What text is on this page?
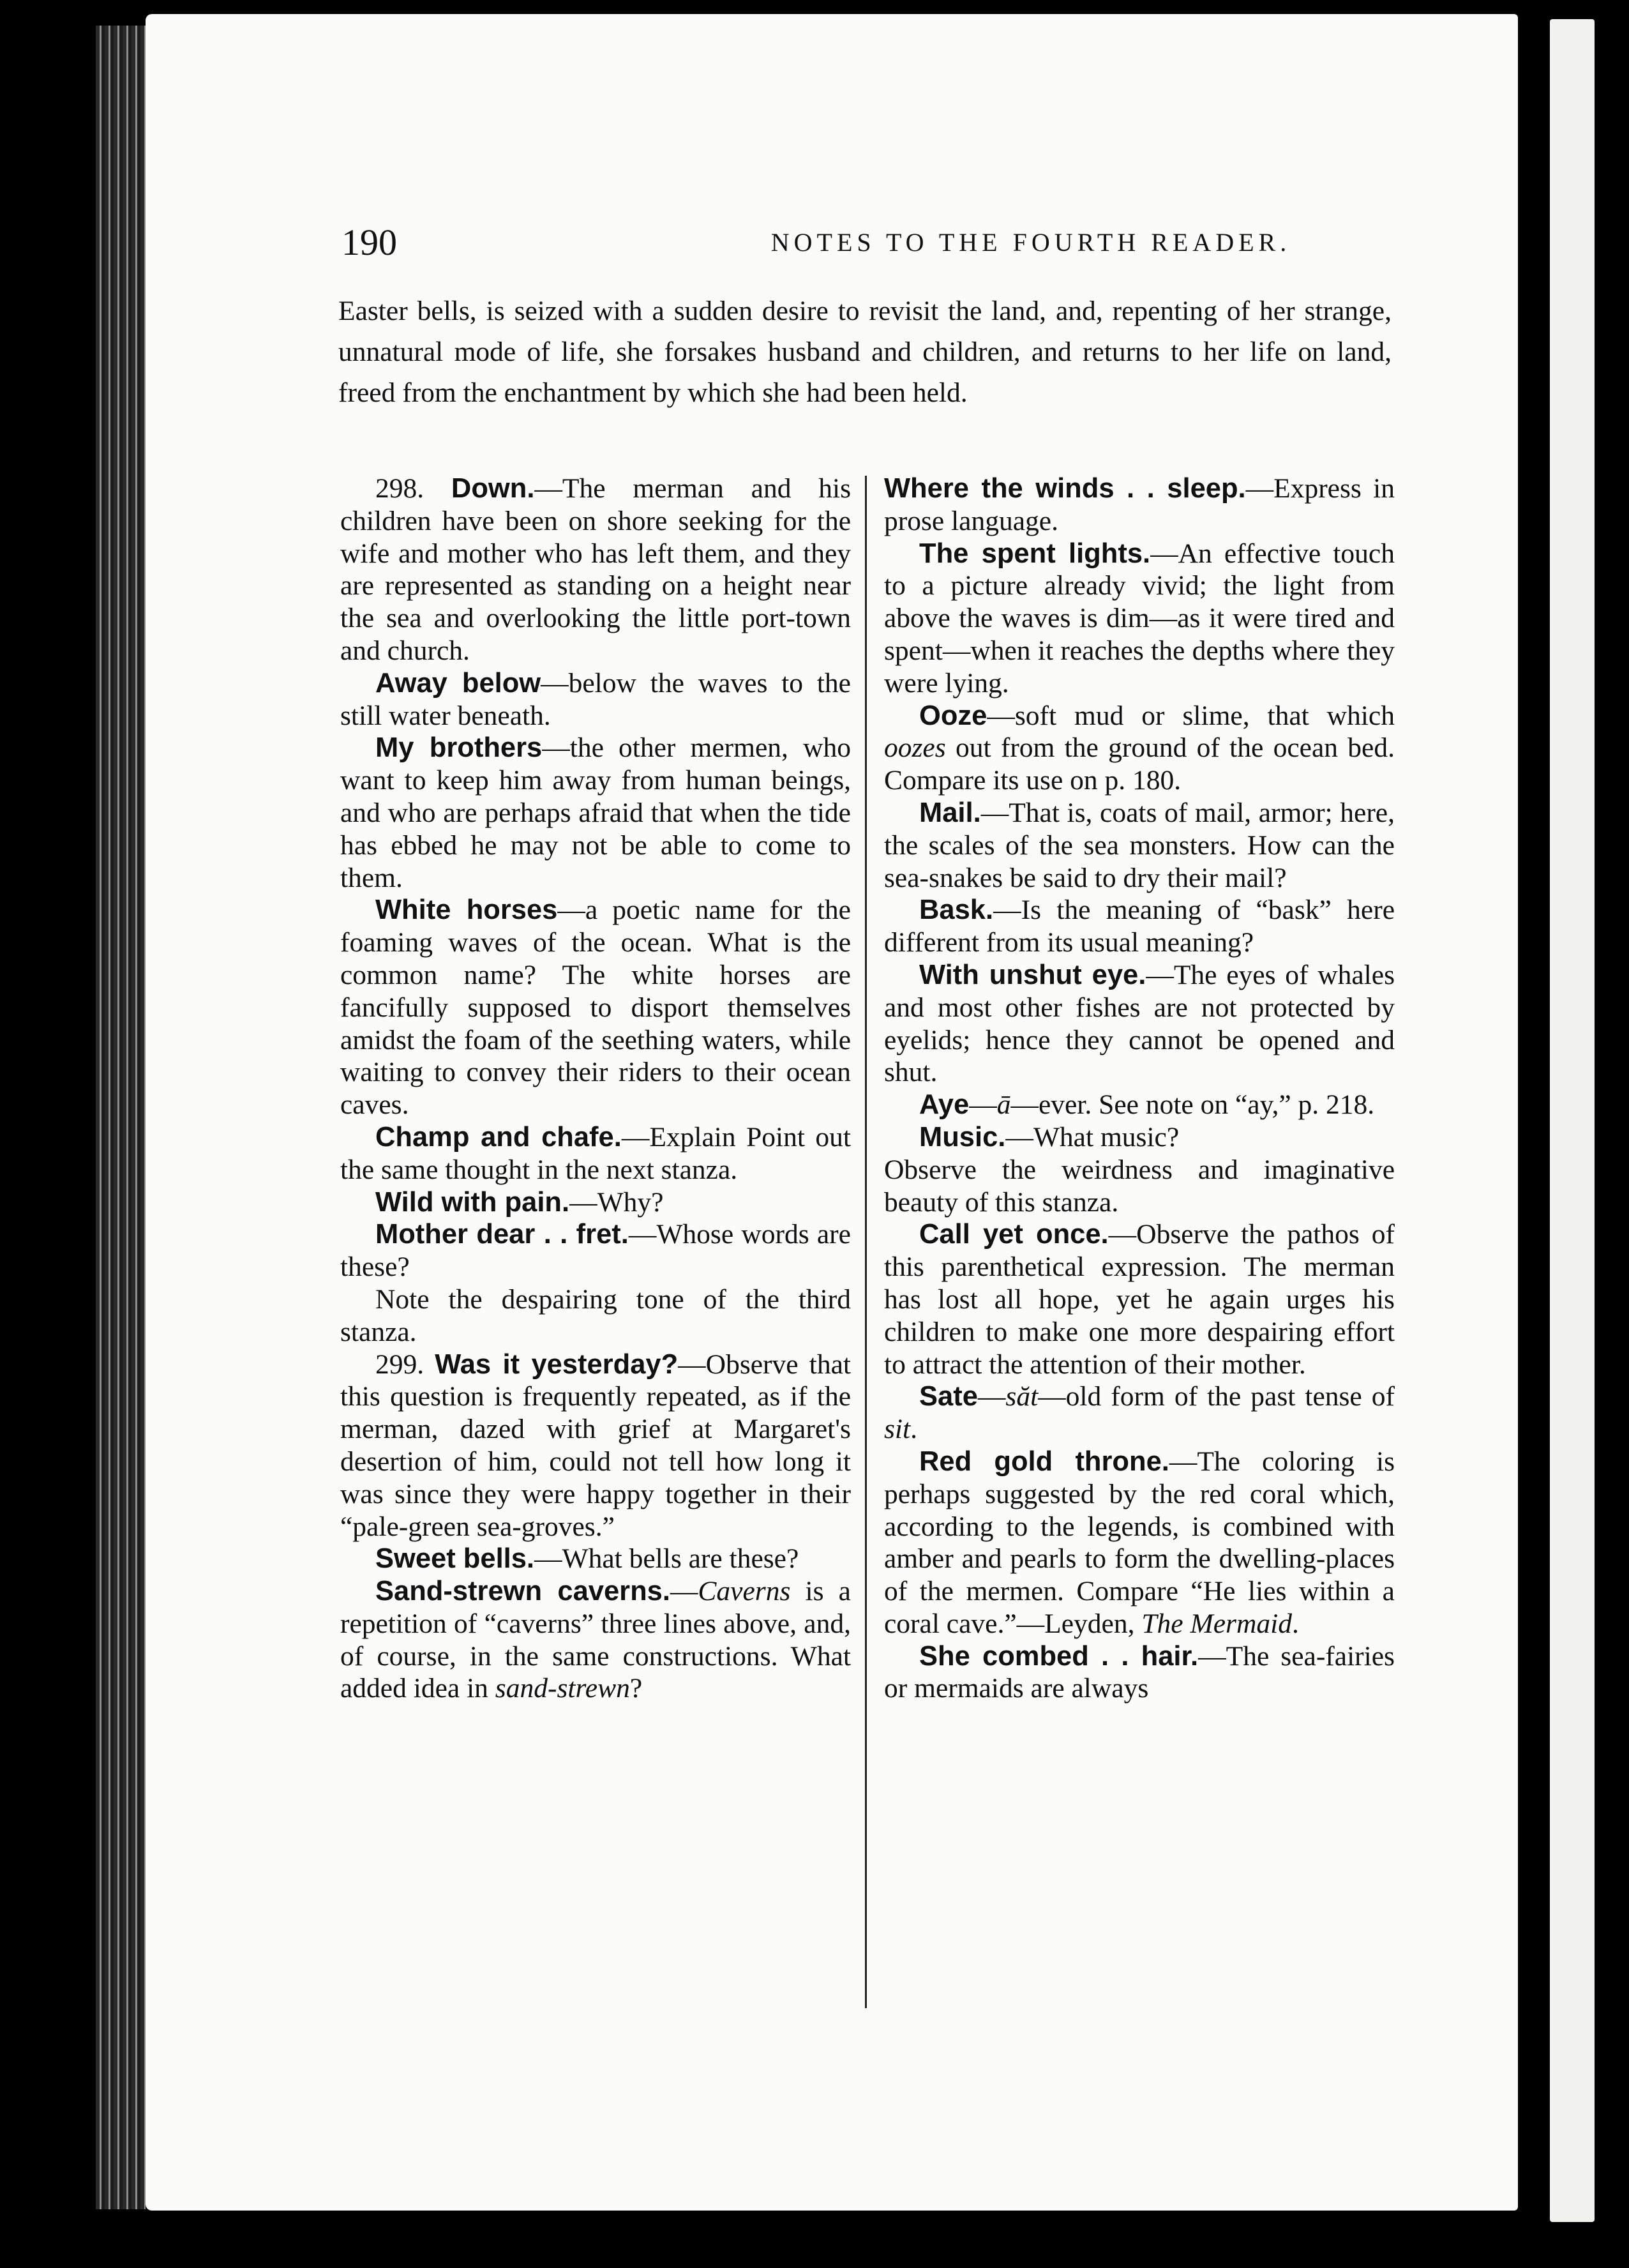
190	NOTES TO THE FOURTH READER.
Easter bells, is seized with a sudden desire to revisit the land, and, repenting of her strange, unnatural mode of life, she forsakes husband and children, and returns to her life on land, freed from the enchantment by which she had been held.

298. Down.—The merman and his children have been on shore seeking for the wife and mother who has left them, and they are represented as standing on a height near the sea and overlooking the little port-town and church.

Away below—below the waves to the still water beneath.

My brothers—the other mermen, who want to keep him away from human beings, and who are perhaps afraid that when the tide has ebbed he may not be able to come to them.

White horses—a poetic name for the foaming waves of the ocean. What is the common name? The white horses are fancifully supposed to disport themselves amidst the foam of the seething waters, while waiting to convey their riders to their ocean caves.

Champ and chafe.—Explain Point out the same thought in the next stanza.

Wild with pain.—Why?

Mother dear . . fret.—Whose words are these?

Note the despairing tone of the third stanza.

299. Was it yesterday?—Observe that this question is frequently repeated, as if the merman, dazed with grief at Margaret's desertion of him, could not tell how long it was since they were happy together in their “pale-green sea-groves.”

Sweet bells.—What bells are these?

Sand-strewn caverns.—Caverns is a repetition of “caverns” three lines above, and, of course, in the same constructions. What added idea in sand-strewn?

Where the winds . . sleep.—Express in prose language.

The spent lights.—An effective touch to a picture already vivid; the light from above the waves is dim—as it were tired and spent—when it reaches the depths where they were lying.

Ooze—soft mud or slime, that which oozes out from the ground of the ocean bed. Compare its use on p. 180.

Mail.—That is, coats of mail, armor; here, the scales of the sea monsters. How can the sea-snakes be said to dry their mail?

Bask.—Is the meaning of “bask” here different from its usual meaning?

With unshut eye.—The eyes of whales and most other fishes are not protected by eyelids; hence they cannot be opened and shut.

Aye—ā—ever. See note on “ay,” p. 218.

Music.—What music?

Observe the weirdness and imaginative beauty of this stanza.

Call yet once.—Observe the pathos of this parenthetical expression. The merman has lost all hope, yet he again urges his children to make one more despairing effort to attract the attention of their mother.

Sate—săt—old form of the past tense of sit.

Red gold throne.—The coloring is perhaps suggested by the red coral which, according to the legends, is combined with amber and pearls to form the dwelling-places of the mermen. Compare “He lies within a coral cave.”—Leyden, The Mermaid.

She combed . . hair.—The sea-fairies or mermaids are always
